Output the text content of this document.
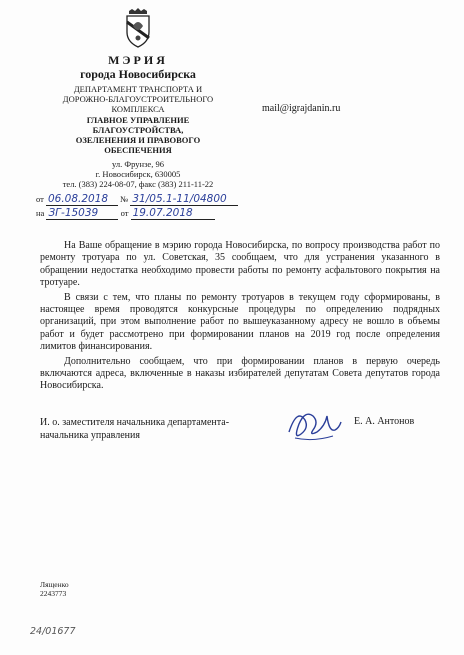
МЭРИЯ
города Новосибирска
ДЕПАРТАМЕНТ ТРАНСПОРТА И
ДОРОЖНО-БЛАГОУСТРОИТЕЛЬНОГО
КОМПЛЕКСА
ГЛАВНОЕ УПРАВЛЕНИЕ
БЛАГОУСТРОЙСТВА,
ОЗЕЛЕНЕНИЯ И ПРАВОВОГО
ОБЕСПЕЧЕНИЯ
ул. Фрунзе, 96
г. Новосибирск, 630005
тел. (383) 224-08-07, факс (383) 211-11-22
mail@igrajdanin.ru
от 06.08.2018 № 31/05.1-11/04800
на ЗГ-15039	от 19.07.2018

На Ваше обращение в мэрию города Новосибирска, по вопросу производства работ по ремонту тротуара по ул. Советская, 35 сообщаем, что для устранения указанного в обращении недостатка необходимо провести работы по ремонту асфальтового покрытия на тротуаре.

В связи с тем, что планы по ремонту тротуаров в текущем году сформированы, в настоящее время проводятся конкурсные процедуры по определению подрядных организаций, при этом выполнение работ по вышеуказанному адресу не вошло в объемы работ и будет рассмотрено при формировании планов на 2019 год после определения лимитов финансирования.

Дополнительно сообщаем, что при формировании планов в первую очередь включаются адреса, включенные в наказы избирателей депутатам Совета депутатов города Новосибирска.

И. о. заместителя начальника департамента-
начальника управления
Е. А. Антонов
Лященко
2243773
24/01677
